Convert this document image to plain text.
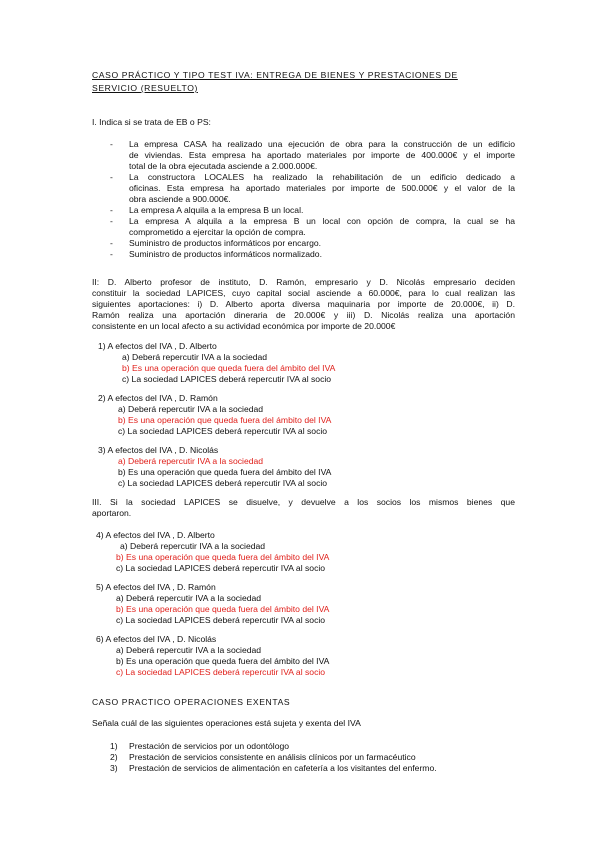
CASO PRÁCTICO Y TIPO TEST IVA: ENTREGA DE BIENES Y PRESTACIONES DE
SERVICIO (RESUELTO)
I. Indica si se trata de EB o PS:
- La empresa CASA ha realizado una ejecución de obra para la construcción de un edificio
de viviendas. Esta empresa ha aportado materiales por importe de 400.000€ y el importe
total de la obra ejecutada asciende a 2.000.000€.
- La constructora LOCALES ha realizado la rehabilitación de un edificio dedicado a
oficinas. Esta empresa ha aportado materiales por importe de 500.000€ y el valor de la
obra asciende a 900.000€.
- La empresa A alquila a la empresa B un local.
- La empresa A alquila a la empresa B un local con opción de compra, la cual se ha
comprometido a ejercitar la opción de compra.
- Suministro de productos informáticos por encargo.
- Suministro de productos informáticos normalizado.
II: D. Alberto profesor de instituto, D. Ramón, empresario y D. Nicolás empresario deciden
constituir la sociedad LAPICES, cuyo capital social asciende a 60.000€, para lo cual realizan las
siguientes aportaciones: i) D. Alberto aporta diversa maquinaria por importe de 20.000€, ii) D.
Ramón realiza una aportación dineraria de 20.000€ y iii) D. Nicolás realiza una aportación
consistente en un local afecto a su actividad económica por importe de 20.000€
1) A efectos del IVA , D. Alberto
a) Deberá repercutir IVA a la sociedad
b) Es una operación que queda fuera del ámbito del IVA
c) La sociedad LAPICES deberá repercutir IVA al socio
2) A efectos del IVA , D. Ramón
a) Deberá repercutir IVA a la sociedad
b) Es una operación que queda fuera del ámbito del IVA
c) La sociedad LAPICES deberá repercutir IVA al socio
3) A efectos del IVA , D. Nicolás
a) Deberá repercutir IVA a la sociedad
b) Es una operación que queda fuera del ámbito del IVA
c) La sociedad LAPICES deberá repercutir IVA al socio
III. Si la sociedad LAPICES se disuelve, y devuelve a los socios los mismos bienes que
aportaron.
4) A efectos del IVA , D. Alberto
a) Deberá repercutir IVA a la sociedad
b) Es una operación que queda fuera del ámbito del IVA
c) La sociedad LAPICES deberá repercutir IVA al socio
5) A efectos del IVA , D. Ramón
a) Deberá repercutir IVA a la sociedad
b) Es una operación que queda fuera del ámbito del IVA
c) La sociedad LAPICES deberá repercutir IVA al socio
6) A efectos del IVA , D. Nicolás
a) Deberá repercutir IVA a la sociedad
b) Es una operación que queda fuera del ámbito del IVA
c) La sociedad LAPICES deberá repercutir IVA al socio
CASO PRACTICO OPERACIONES EXENTAS
Señala cuál de las siguientes operaciones está sujeta y exenta del IVA
1) Prestación de servicios por un odontólogo
2) Prestación de servicios consistente en análisis clínicos por un farmacéutico
3) Prestación de servicios de alimentación en cafetería a los visitantes del enfermo.
